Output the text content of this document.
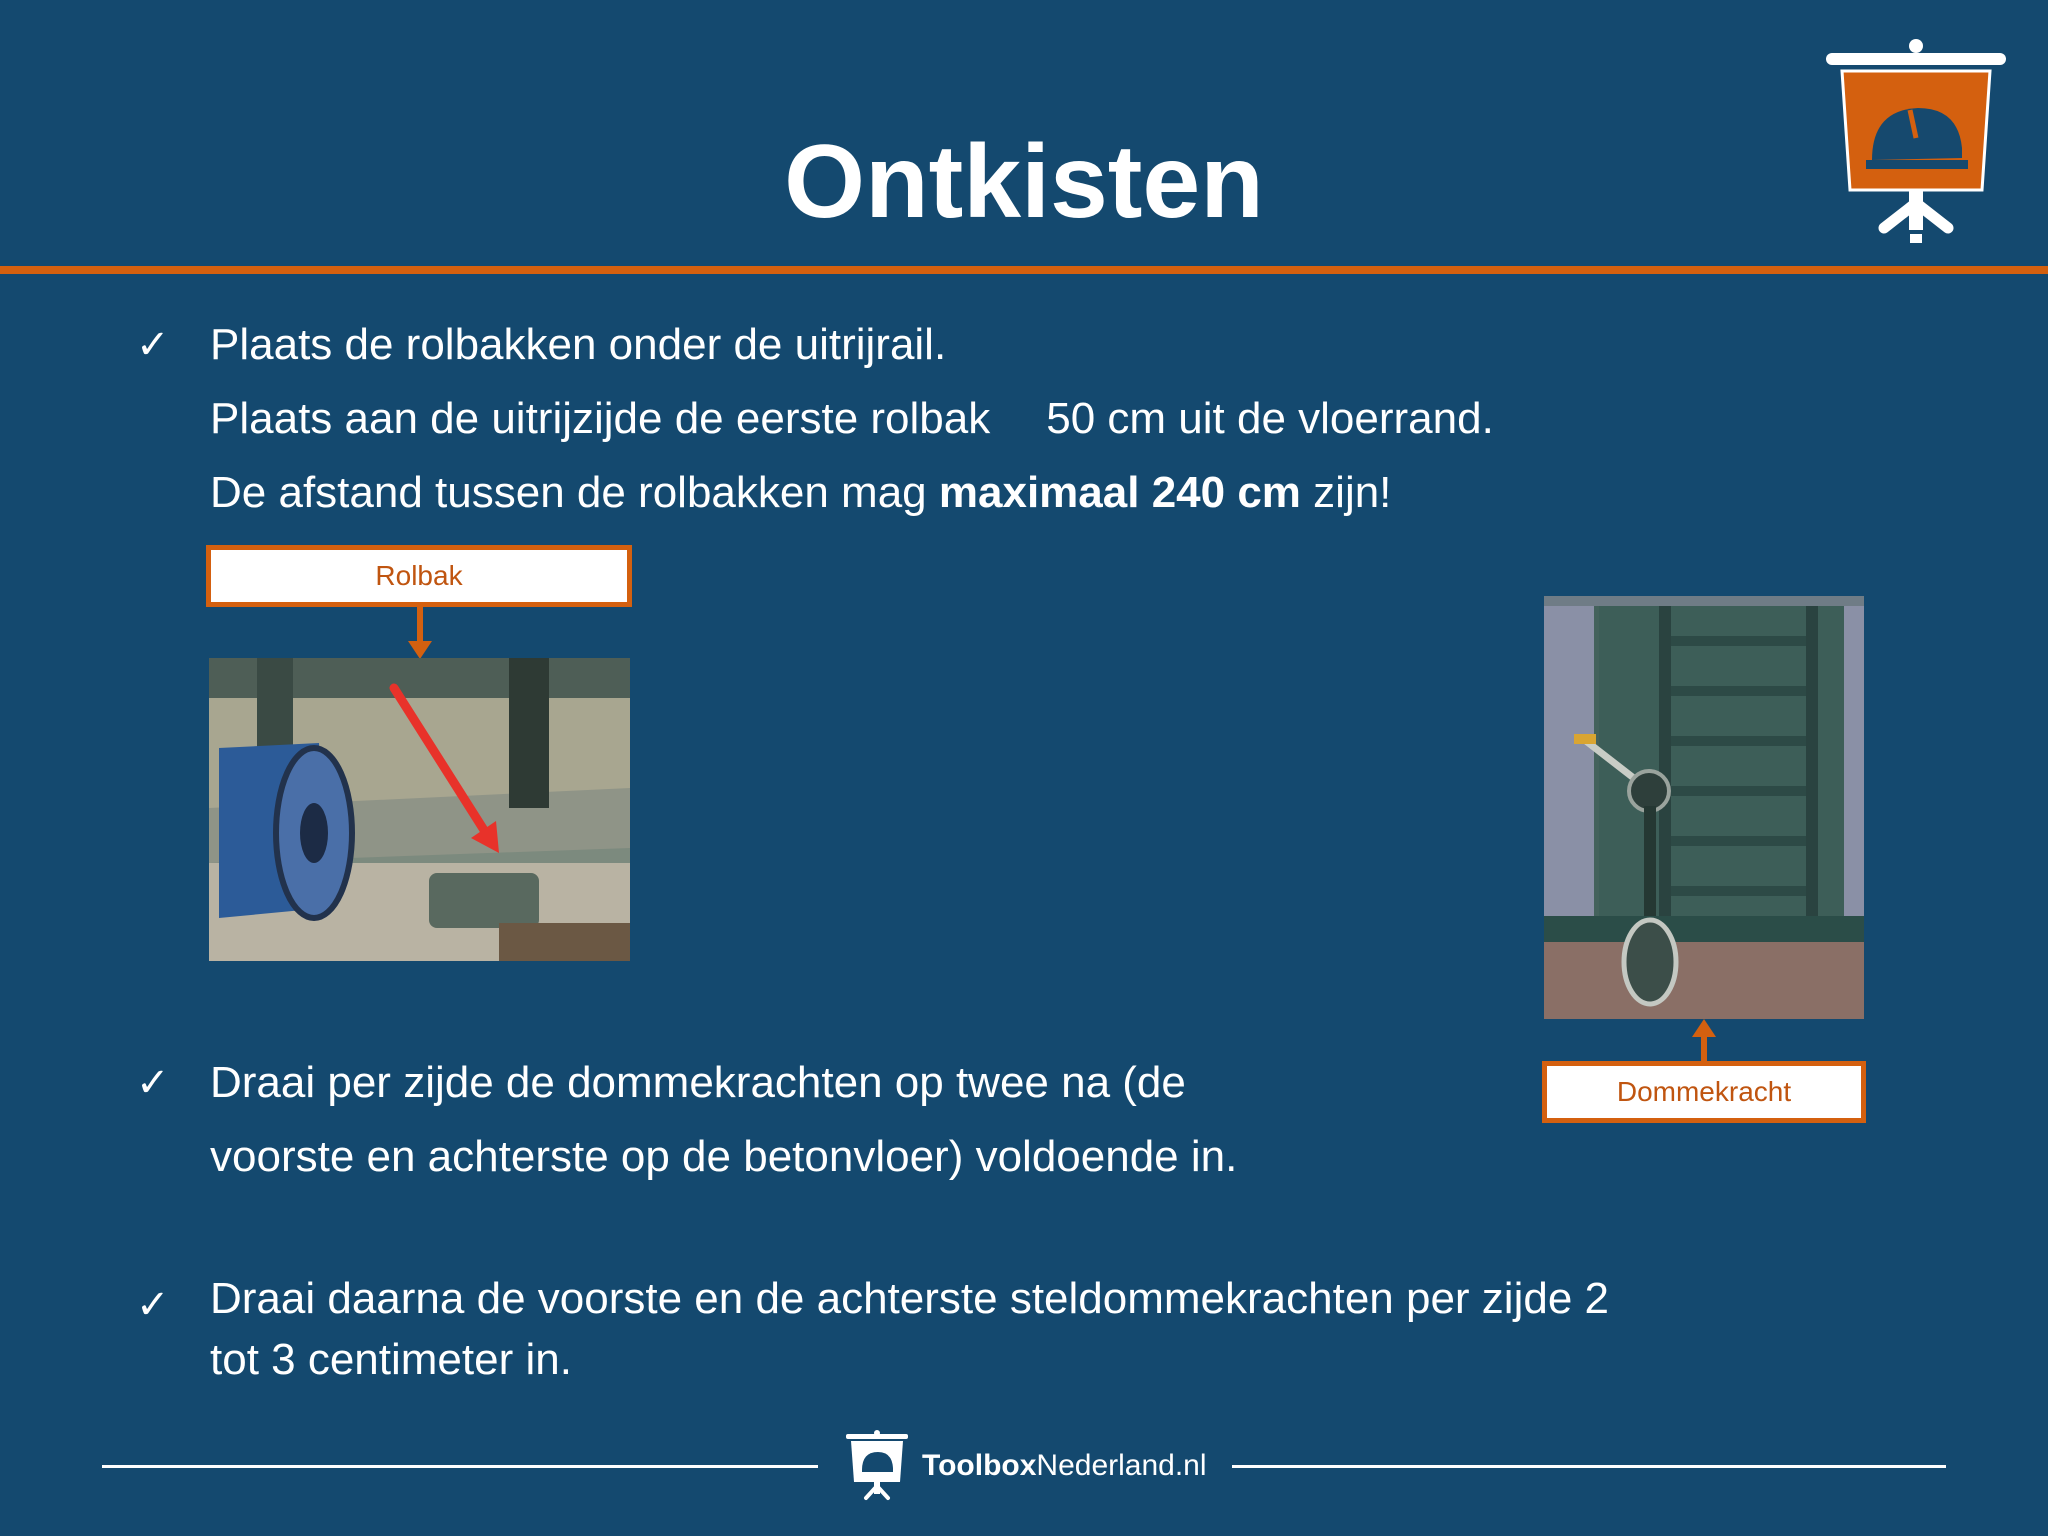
Ontkisten
✓ Plaats de rolbakken onder de uitrijrail.
Plaats aan de uitrijzijde de eerste rolbak 50 cm uit de vloerrand.
De afstand tussen de rolbakken mag maximaal 240 cm zijn!
Rolbak
Dommekracht
✓ Draai per zijde de dommekrachten op twee na (de
voorste en achterste op de betonvloer) voldoende in.
✓ Draai daarna de voorste en de achterste steldommekrachten per zijde 2
tot 3 centimeter in.
ToolboxNederland.nl
